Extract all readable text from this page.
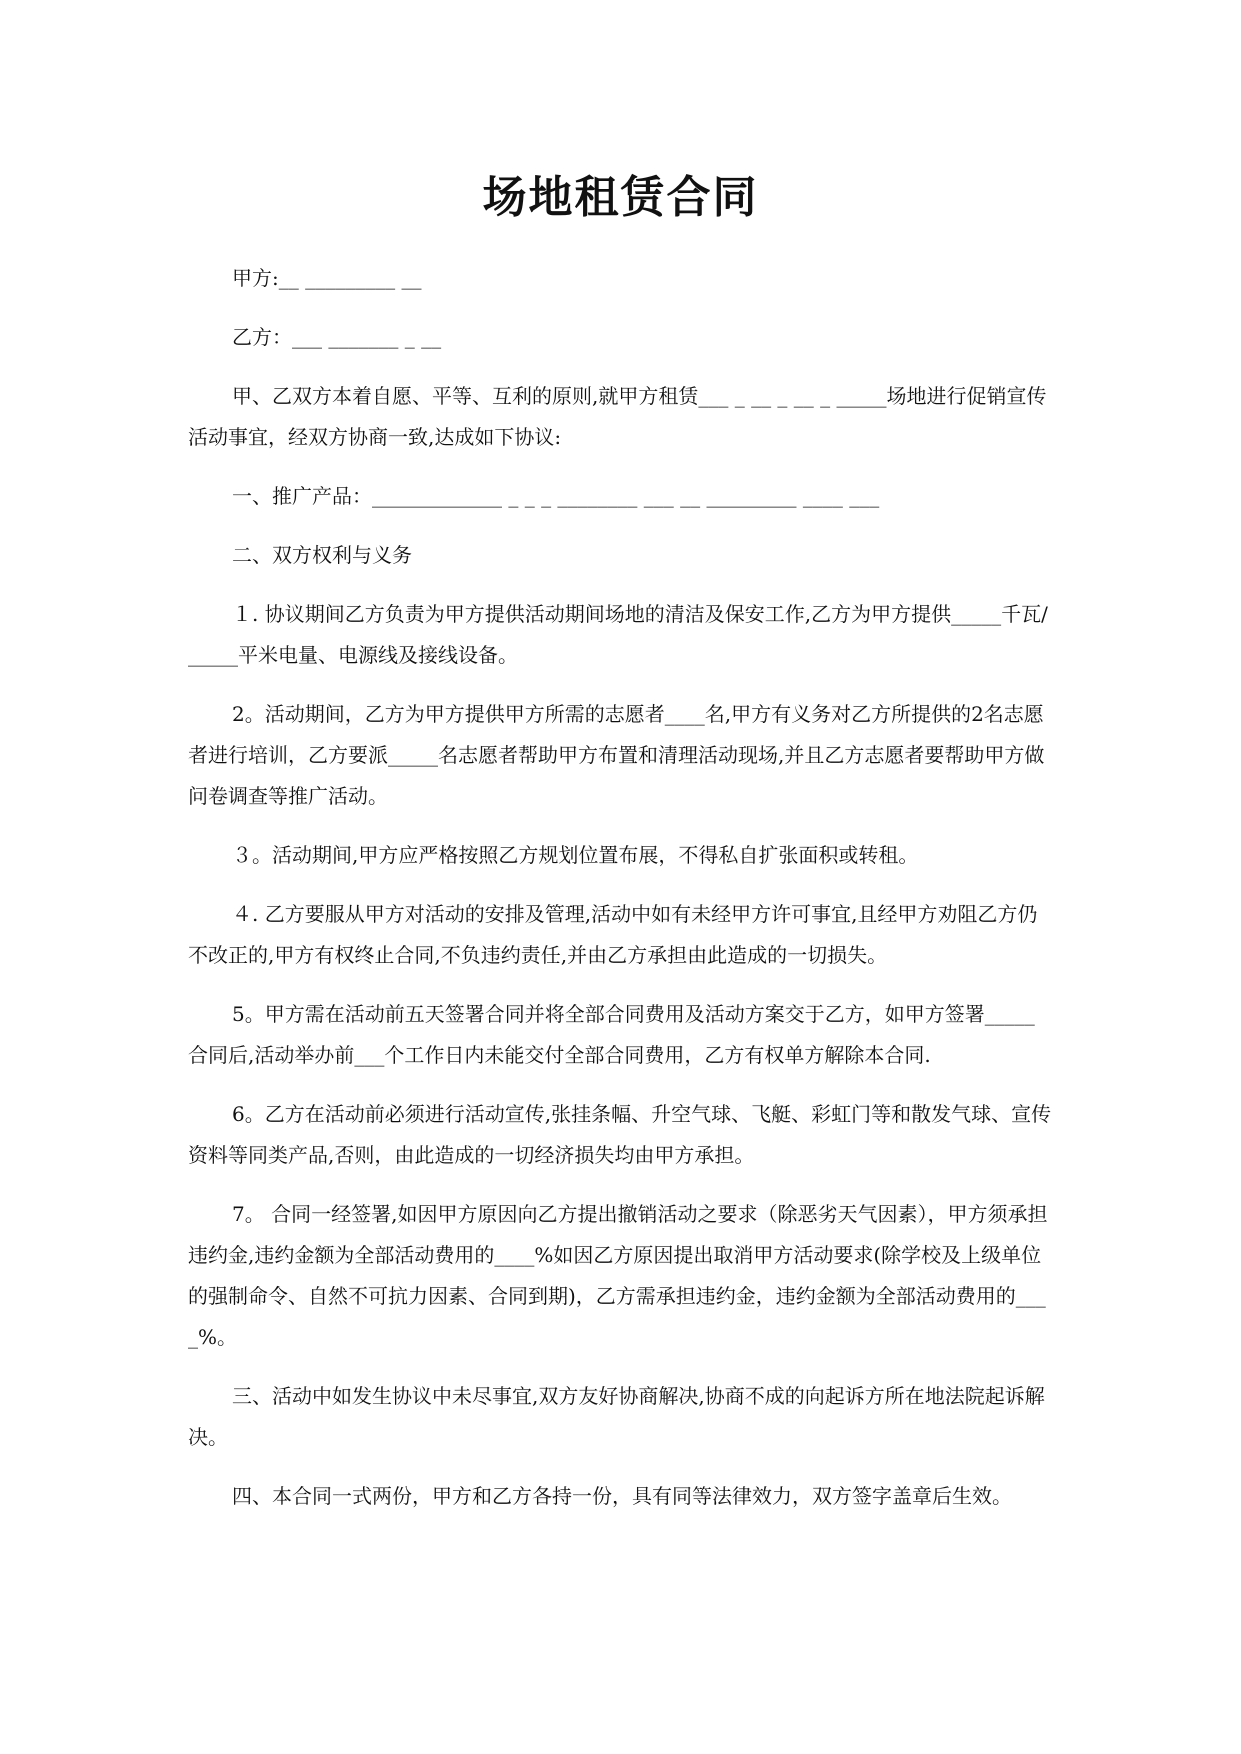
场地租赁合同

甲方:__ _________ __

乙方：___ _______ _ __

甲、乙双方本着自愿、平等、互利的原则,就甲方租赁___ _ __ _ __ _ _____场地进行促销宣传活动事宜，经双方协商一致,达成如下协议:

一、推广产品：_____________ _ _ _ ________ ___ __ _________ ____ ___

二、双方权利与义务

１. 协议期间乙方负责为甲方提供活动期间场地的清洁及保安工作,乙方为甲方提供_____千瓦/_____平米电量、电源线及接线设备。

2。活动期间，乙方为甲方提供甲方所需的志愿者____名,甲方有义务对乙方所提供的2名志愿者进行培训，乙方要派_____名志愿者帮助甲方布置和清理活动现场,并且乙方志愿者要帮助甲方做问卷调查等推广活动。

３。活动期间,甲方应严格按照乙方规划位置布展，不得私自扩张面积或转租。

４. 乙方要服从甲方对活动的安排及管理,活动中如有未经甲方许可事宜,且经甲方劝阻乙方仍不改正的,甲方有权终止合同,不负违约责任,并由乙方承担由此造成的一切损失。

5。甲方需在活动前五天签署合同并将全部合同费用及活动方案交于乙方，如甲方签署_____合同后,活动举办前___个工作日内未能交付全部合同费用，乙方有权单方解除本合同.

6。乙方在活动前必须进行活动宣传,张挂条幅、升空气球、飞艇、彩虹门等和散发气球、宣传资料等同类产品,否则，由此造成的一切经济损失均由甲方承担。

7。 合同一经签署,如因甲方原因向乙方提出撤销活动之要求（除恶劣天气因素），甲方须承担违约金,违约金额为全部活动费用的____%如因乙方原因提出取消甲方活动要求(除学校及上级单位的强制命令、自然不可抗力因素、合同到期)，乙方需承担违约金，违约金额为全部活动费用的____%。

三、活动中如发生协议中未尽事宜,双方友好协商解决,协商不成的向起诉方所在地法院起诉解决。

四、本合同一式两份，甲方和乙方各持一份，具有同等法律效力，双方签字盖章后生效。
